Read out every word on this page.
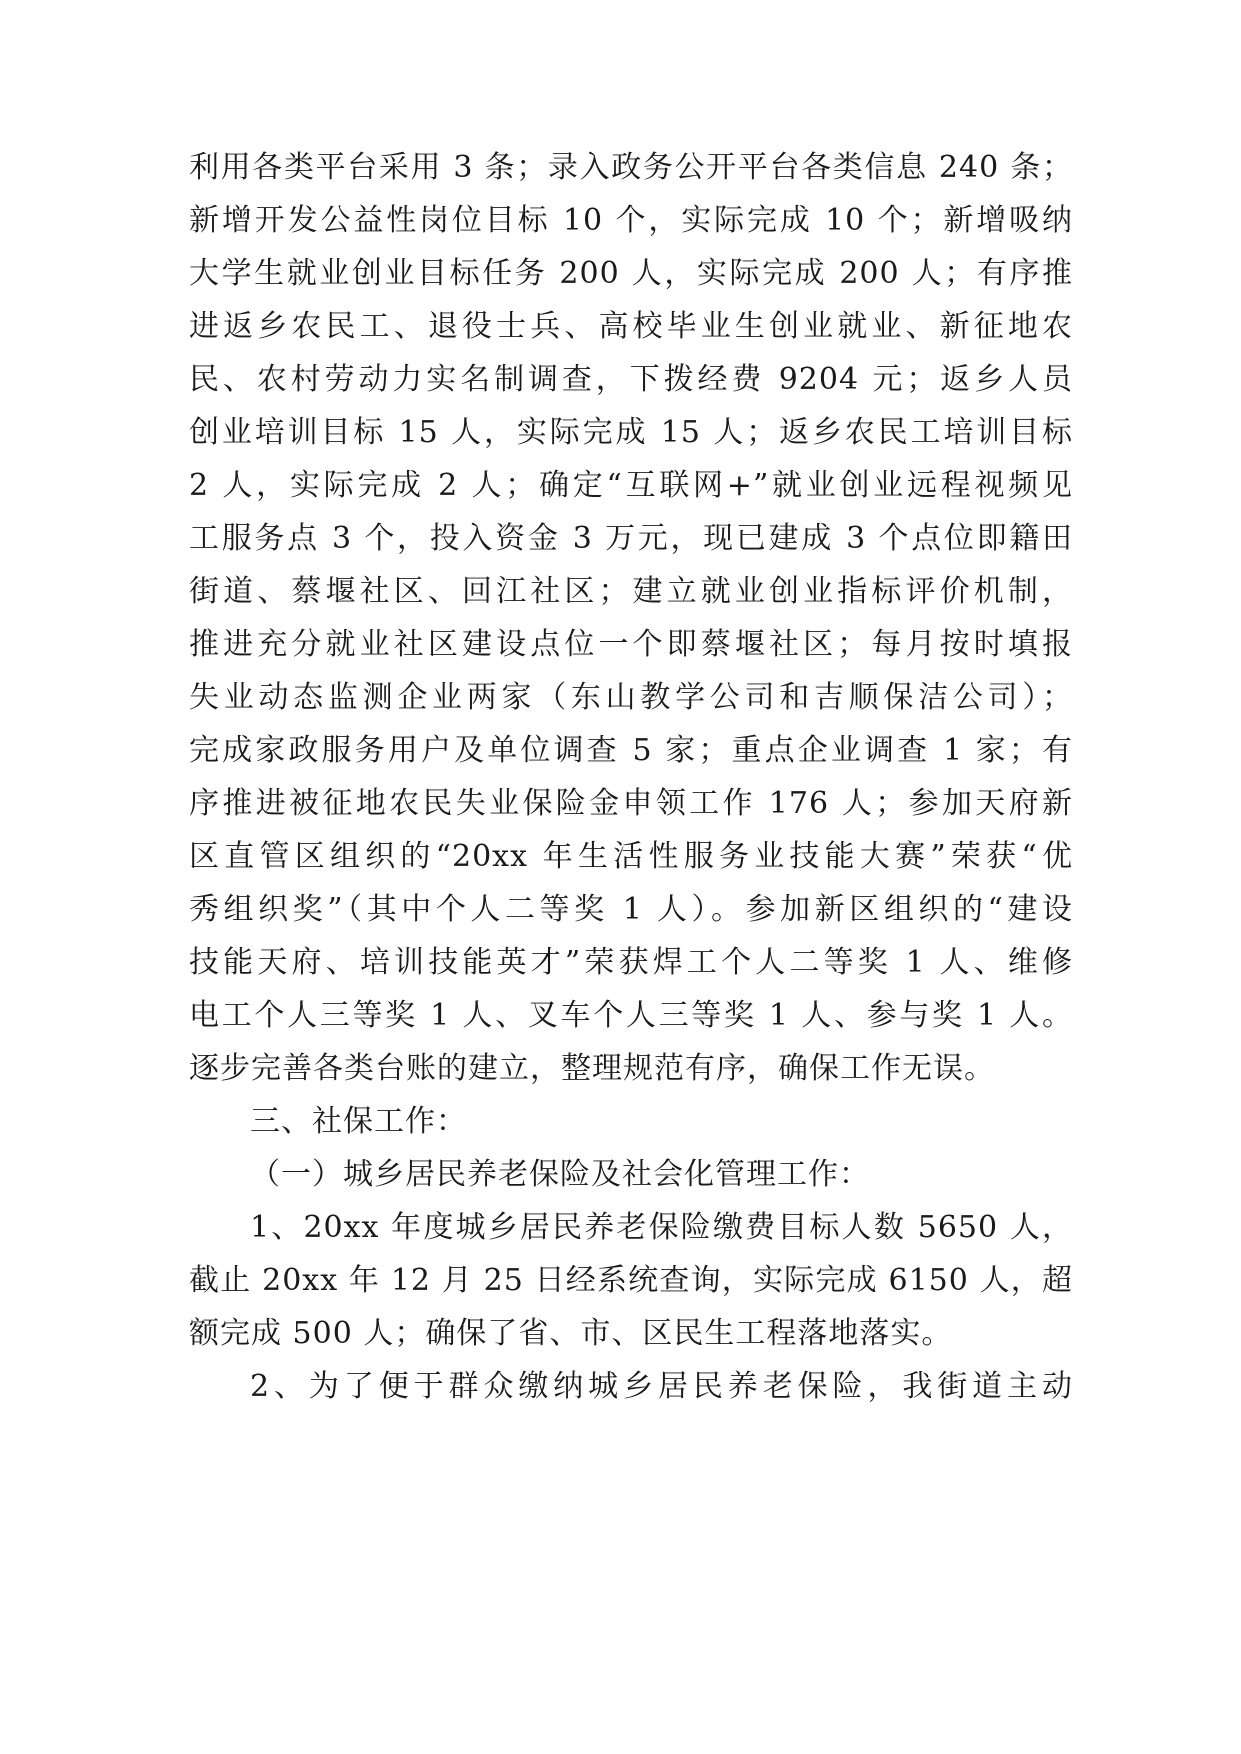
利用各类平台采用 3 条；录入政务公开平台各类信息 240 条；
新增开发公益性岗位目标 10 个，实际完成 10 个；新增吸纳
大学生就业创业目标任务 200 人，实际完成 200 人；有序推
进返乡农民工、退役士兵、高校毕业生创业就业、新征地农
民、农村劳动力实名制调查，下拨经费 9204 元；返乡人员
创业培训目标 15 人，实际完成 15 人；返乡农民工培训目标
2 人，实际完成 2 人；确定“互联网+”就业创业远程视频见
工服务点 3 个，投入资金 3 万元，现已建成 3 个点位即籍田
街道、蔡堰社区、回江社区；建立就业创业指标评价机制，
推进充分就业社区建设点位一个即蔡堰社区；每月按时填报
失业动态监测企业两家（东山教学公司和吉顺保洁公司）；
完成家政服务用户及单位调查 5 家；重点企业调查 1 家；有
序推进被征地农民失业保险金申领工作 176 人；参加天府新
区直管区组织的“20xx 年生活性服务业技能大赛”荣获“优
秀组织奖”（其中个人二等奖 1 人）。参加新区组织的“建设
技能天府、培训技能英才”荣获焊工个人二等奖 1 人、维修
电工个人三等奖 1 人、叉车个人三等奖 1 人、参与奖 1 人。
逐步完善各类台账的建立，整理规范有序，确保工作无误。
三、社保工作：
（一）城乡居民养老保险及社会化管理工作：
1、20xx 年度城乡居民养老保险缴费目标人数 5650 人，
截止 20xx 年 12 月 25 日经系统查询，实际完成 6150 人，超
额完成 500 人；确保了省、市、区民生工程落地落实。
2、为了便于群众缴纳城乡居民养老保险，我街道主动
